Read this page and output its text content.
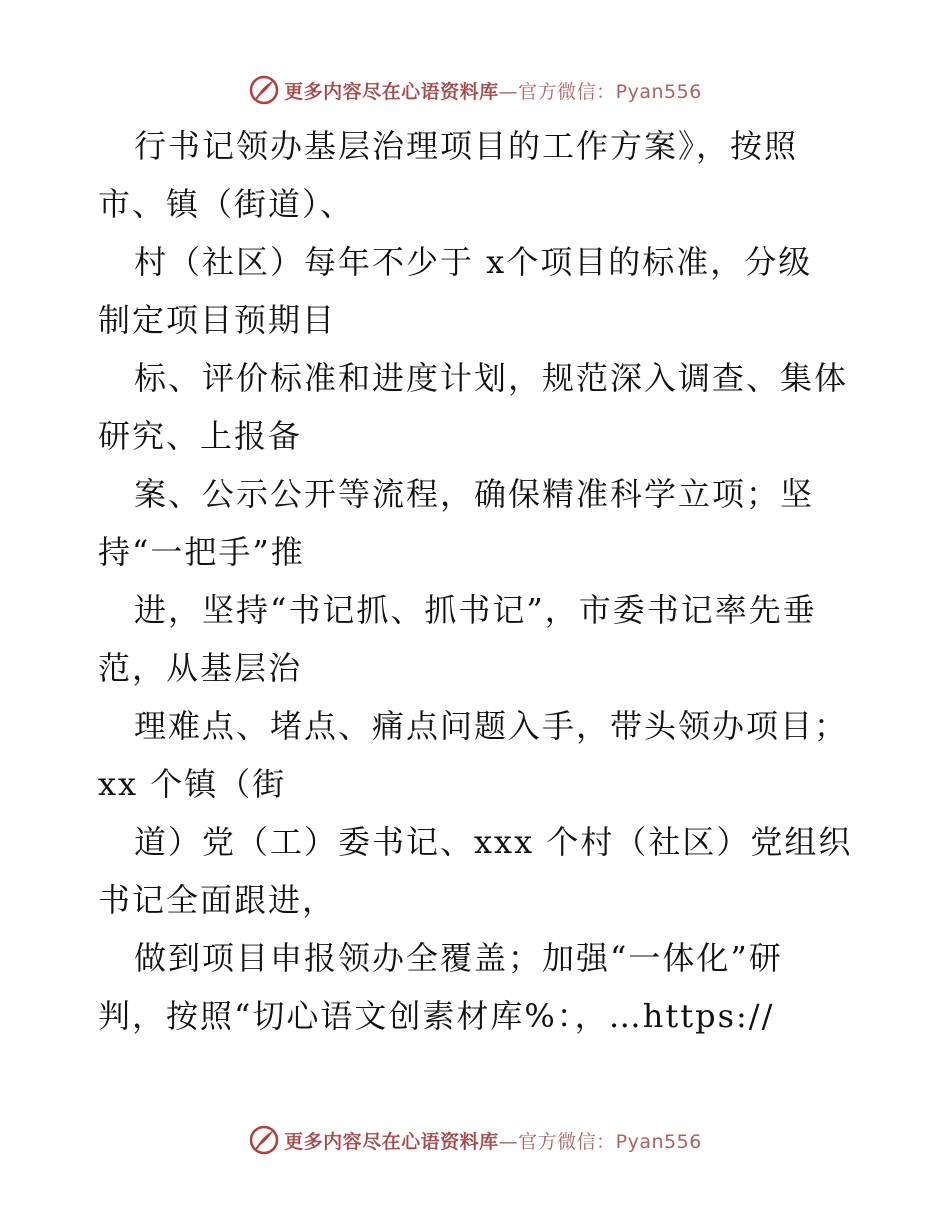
更多内容尽在心语资料库—官方微信：Pyan556
行书记领办基层治理项目的工作方案》，按照
市、镇（街道）、
村（社区）每年不少于 x个项目的标准，分级
制定项目预期目
标、评价标准和进度计划，规范深入调查、集体
研究、上报备
案、公示公开等流程，确保精准科学立项；坚
持“一把手”推
进，坚持“书记抓、抓书记”，市委书记率先垂
范，从基层治
理难点、堵点、痛点问题入手，带头领办项目；
xx 个镇（街
道）党（工）委书记、xxx 个村（社区）党组织
书记全面跟进，
做到项目申报领办全覆盖；加强“一体化”研
判，按照“切心语文创素材库%：，…https://
更多内容尽在心语资料库—官方微信：Pyan556
